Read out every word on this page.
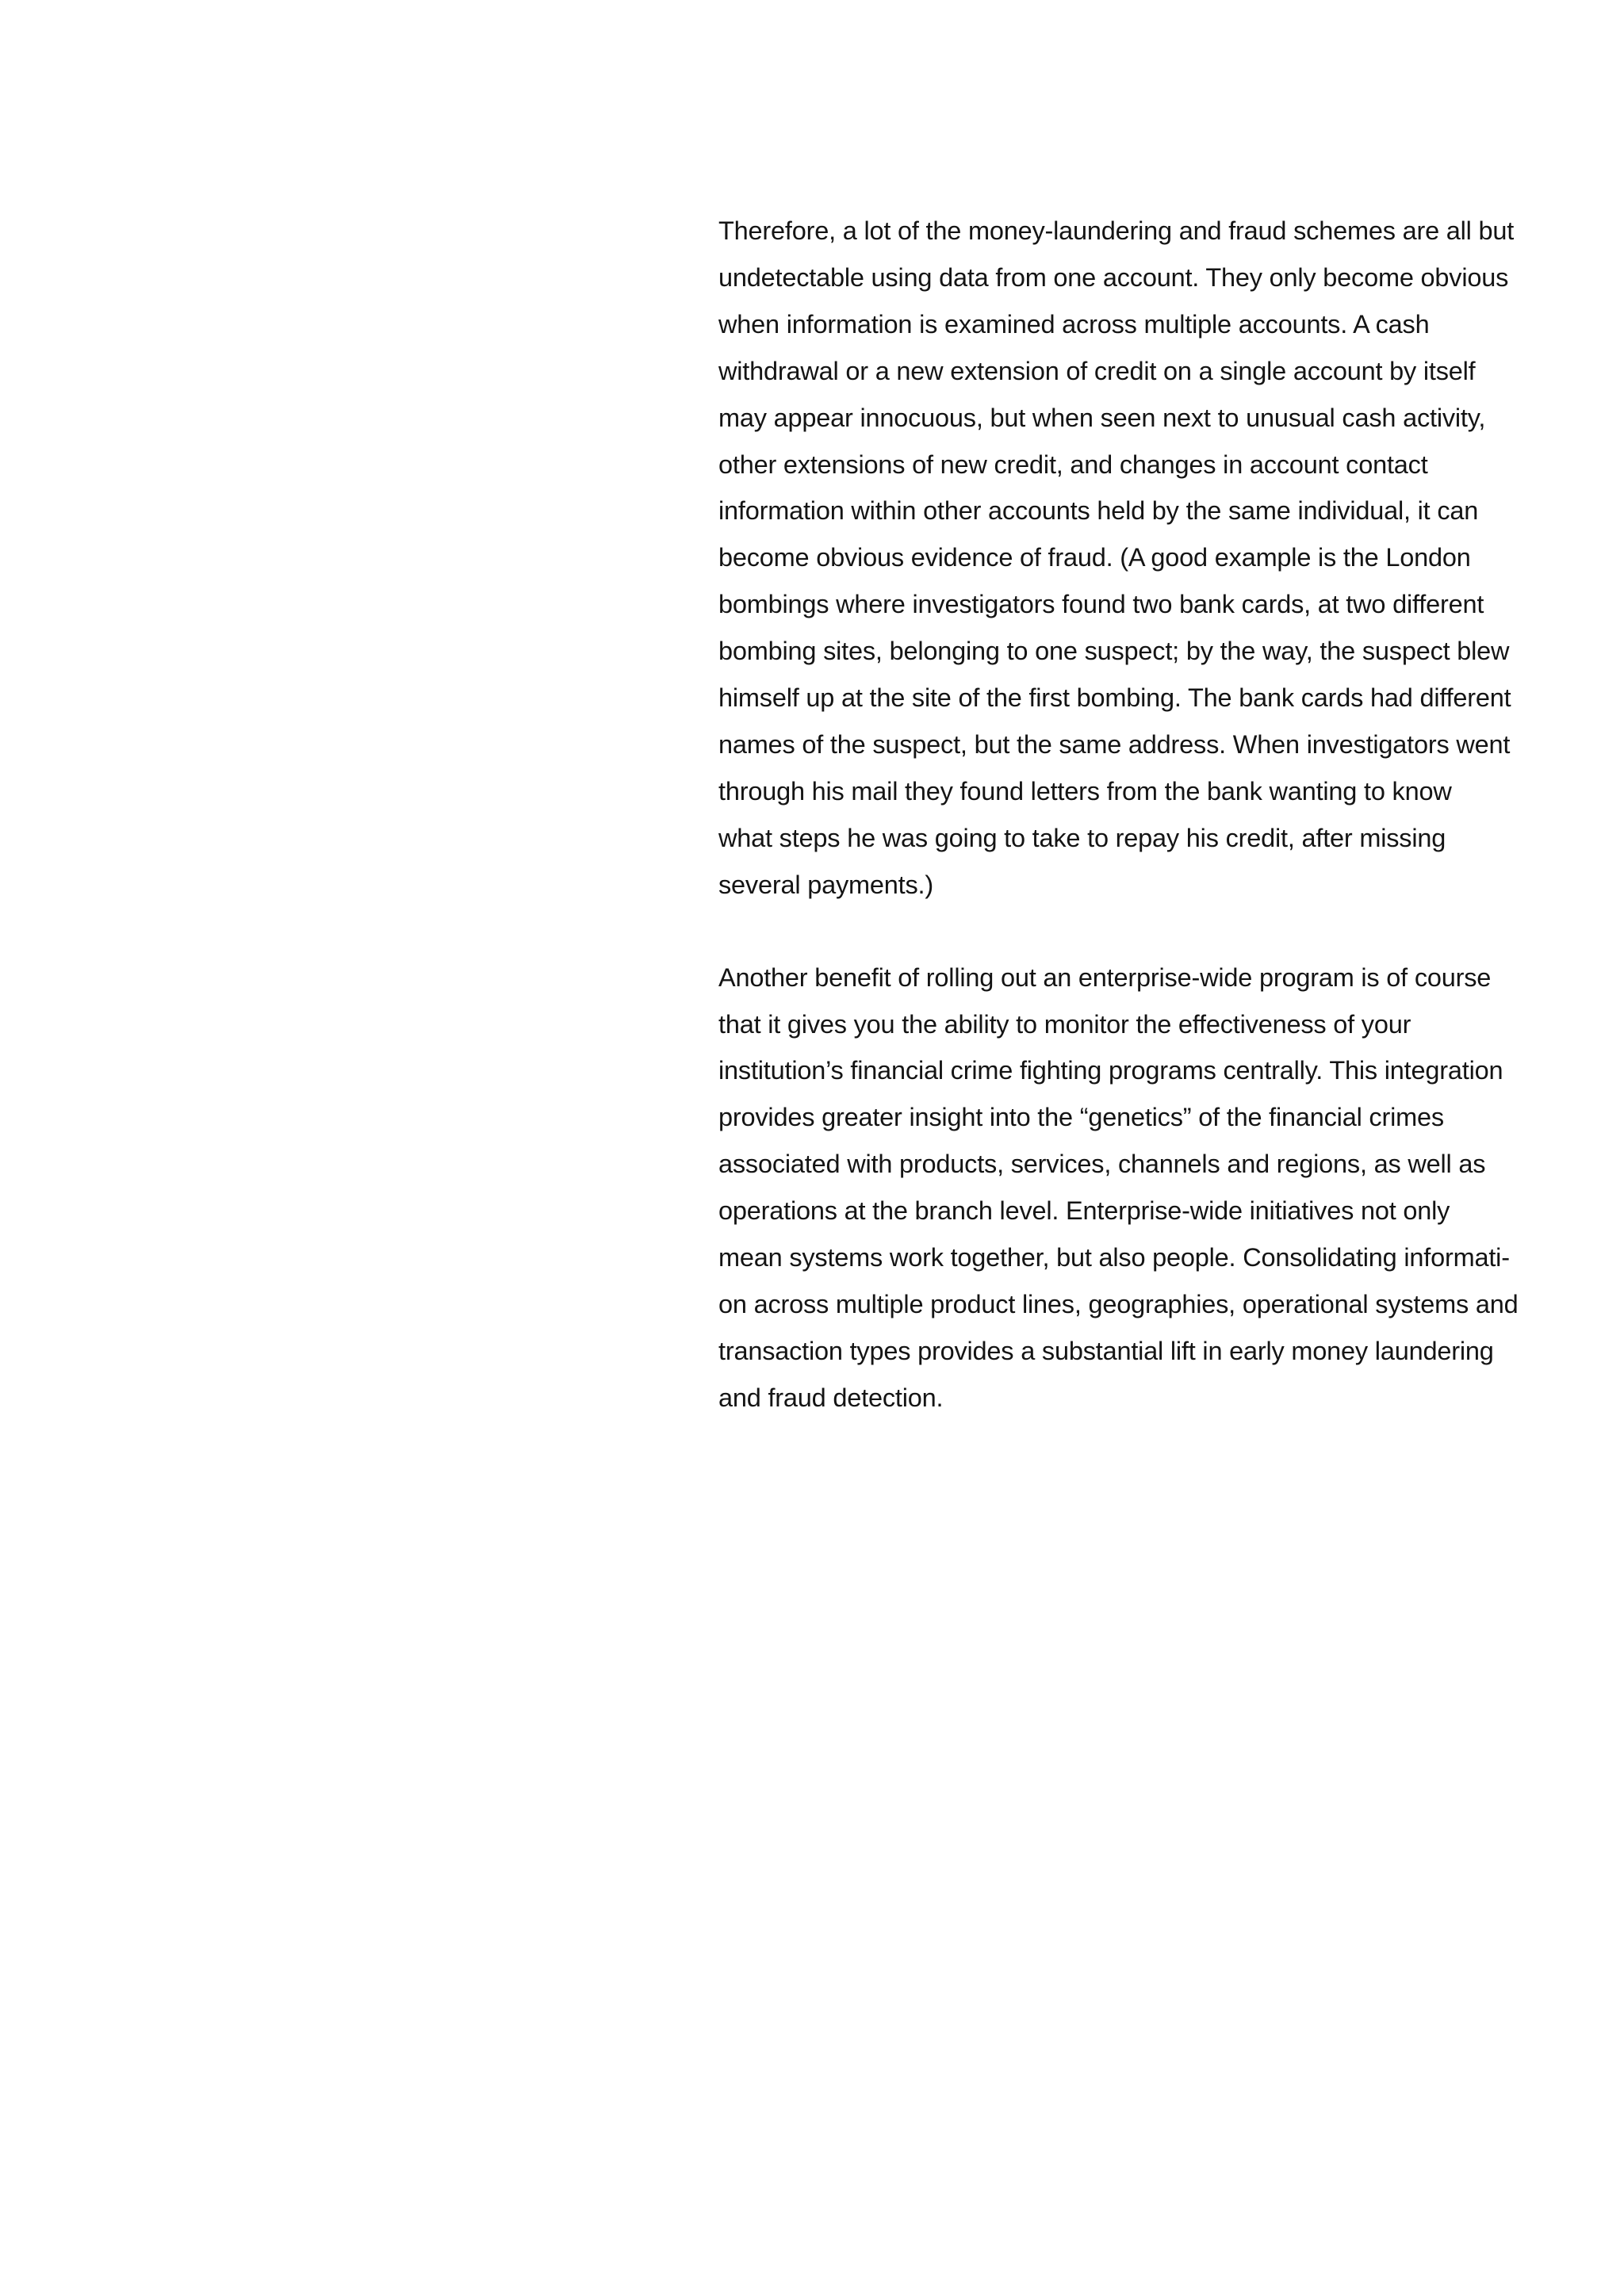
Therefore, a lot of the money-laundering and fraud schemes are all but
undetectable using data from one account. They only become obvious
when information is examined across multiple accounts. A cash
withdrawal or a new extension of credit on a single account by itself
may appear innocuous, but when seen next to unusual cash activity,
other extensions of new credit, and changes in account contact
information within other accounts held by the same individual, it can
become obvious evidence of fraud. (A good example is the London
bombings where investigators found two bank cards, at two different
bombing sites, belonging to one suspect; by the way, the suspect blew
himself up at the site of the first bombing. The bank cards had different
names of the suspect, but the same address. When investigators went
through his mail they found letters from the bank wanting to know
what steps he was going to take to repay his credit, after missing
several payments.)
Another benefit of rolling out an enterprise-wide program is of course
that it gives you the ability to monitor the effectiveness of your
institution’s financial crime fighting programs centrally. This integration
provides greater insight into the “genetics” of the financial crimes
associated with products, services, channels and regions, as well as
operations at the branch level. Enterprise-wide initiatives not only
mean systems work together, but also people. Consolidating informati-
on across multiple product lines, geographies, operational systems and
transaction types provides a substantial lift in early money laundering
and fraud detection.
